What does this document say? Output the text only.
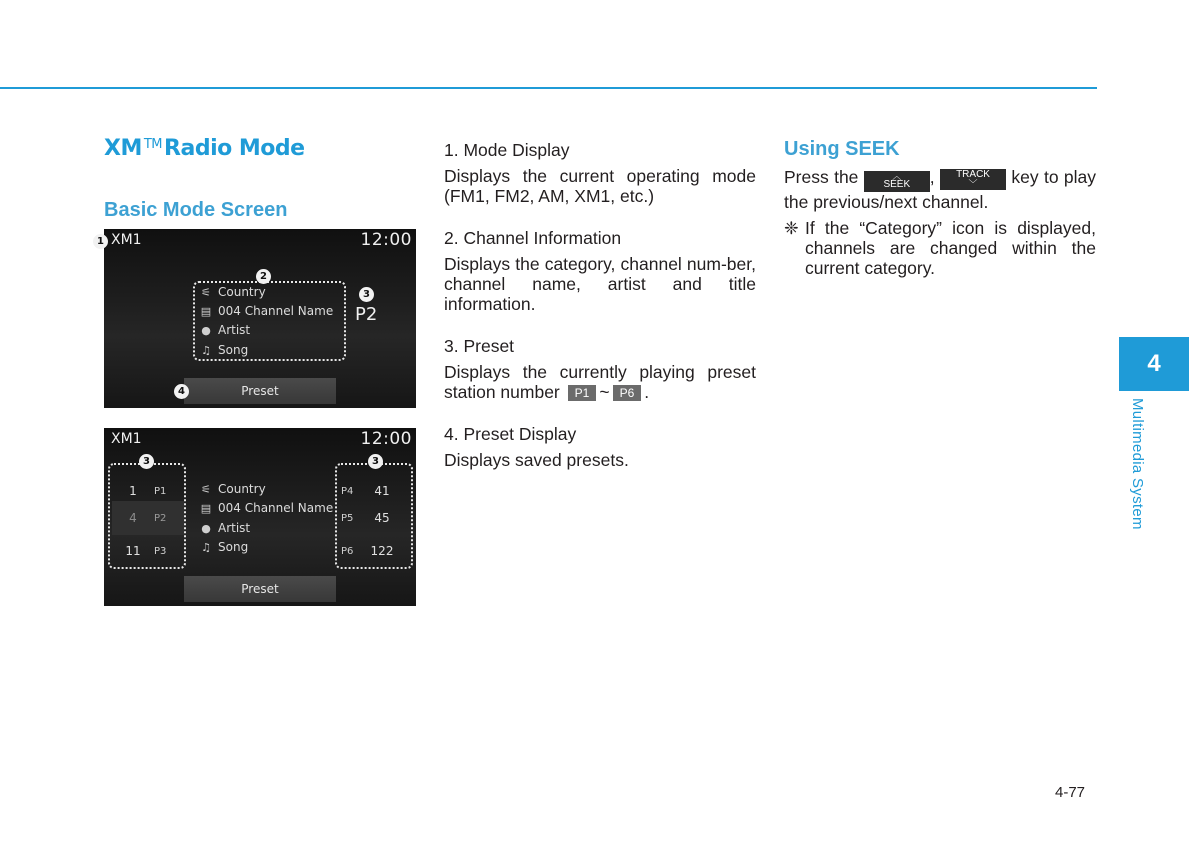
XM ™Radio Mode
Basic Mode Screen
XM1	12:00
⚟ Country
▤ 004 Channel Name
● Artist
♫ Song
P2
Preset
1
2
3
4
XM1	12:00
1	P1
4	P2
11	P3
P4	41
P5	45
P6	122
⚟ Country
▤ 004 Channel Name
● Artist
♫ Song
Preset
3	3
1. Mode Display
Displays the current operating mode (FM1, FM2, AM, XM1, etc.)
2. Channel Information
Displays the category, channel num-ber, channel name, artist and title information.
3. Preset
Displays the currently playing preset station number P1 ~ P6 .
4. Preset Display
Displays saved presets.
Using SEEK
Press the	︿
SEEK , TRACK
﹀	key to play the previous/next channel.
❈ If the “Category” icon is displayed, channels are changed within the current category.
4
Multimedia System
4-77
